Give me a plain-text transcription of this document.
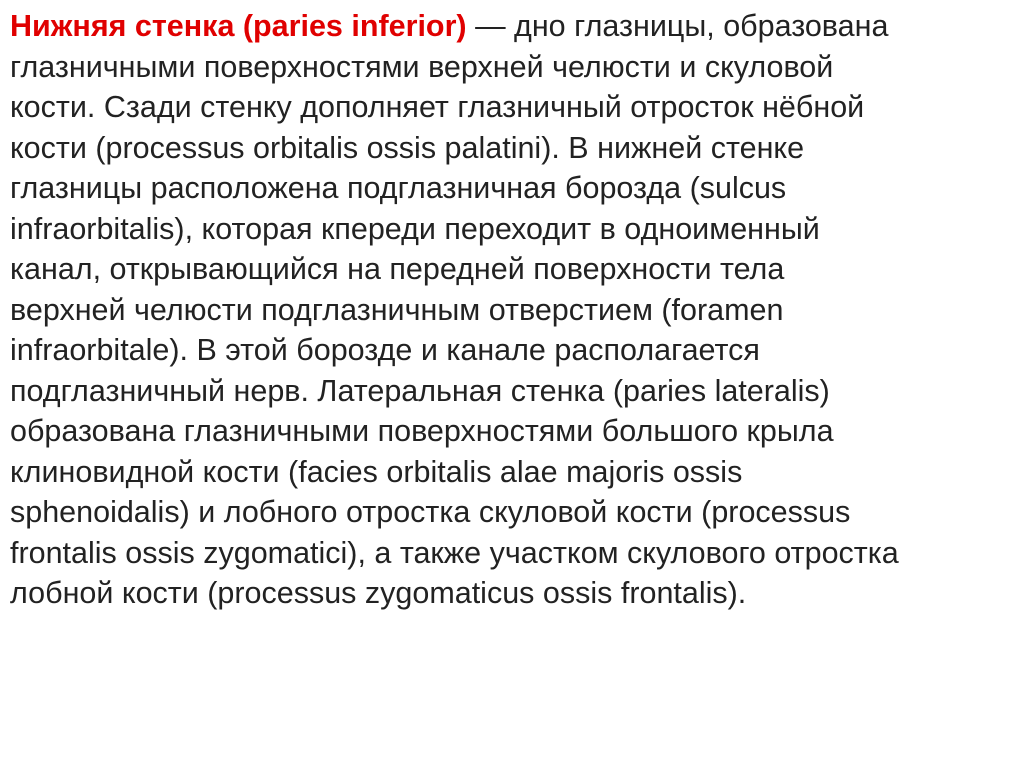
Нижняя стенка (paries inferior) — дно глазницы, образована
глазничными поверхностями верхней челюсти и скуловой
кости. Сзади стенку дополняет глазничный отросток нёбной
кости (processus orbitalis ossis palatini). В нижней стенке
глазницы расположена подглазничная борозда (sulcus
infraorbitalis), которая кпереди переходит в одноименный
канал, открывающийся на передней поверхности тела
верхней челюсти подглазничным отверстием (foramen
infraorbitale). В этой борозде и канале располагается
подглазничный нерв. Латеральная стенка (paries lateralis)
образована глазничными поверхностями большого крыла
клиновидной кости (facies orbitalis alae majoris ossis
sphenoidalis) и лобного отростка скуловой кости (processus
frontalis ossis zygomatici), а также участком скулового отростка
лобной кости (processus zygomaticus ossis frontalis).
